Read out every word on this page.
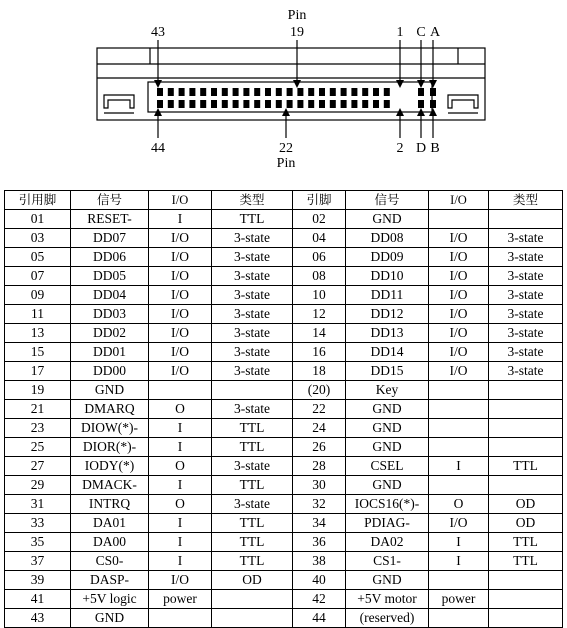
Pin
19
43	1 C A
44	22
Pin
2 D B
引用脚	信号	I/O	类型	引脚	信号	I/O	类型
01	RESET-	I	TTL	02	GND		
03	DD07	I/O	3-state	04	DD08	I/O	3-state
05	DD06	I/O	3-state	06	DD09	I/O	3-state
07	DD05	I/O	3-state	08	DD10	I/O	3-state
09	DD04	I/O	3-state	10	DD11	I/O	3-state
11	DD03	I/O	3-state	12	DD12	I/O	3-state
13	DD02	I/O	3-state	14	DD13	I/O	3-state
15	DD01	I/O	3-state	16	DD14	I/O	3-state
17	DD00	I/O	3-state	18	DD15	I/O	3-state
19	GND			(20)	Key		
21	DMARQ	O	3-state	22	GND		
23	DIOW(*)-	I	TTL	24	GND		
25	DIOR(*)-	I	TTL	26	GND		
27	IODY(*)	O	3-state	28	CSEL	I	TTL
29	DMACK-	I	TTL	30	GND		
31	INTRQ	O	3-state	32	IOCS16(*)-	O	OD
33	DA01	I	TTL	34	PDIAG-	I/O	OD
35	DA00	I	TTL	36	DA02	I	TTL
37	CS0-	I	TTL	38	CS1-	I	TTL
39	DASP-	I/O	OD	40	GND		
41	+5V logic	power		42	+5V motor	power	
43	GND			44	(reserved)		
